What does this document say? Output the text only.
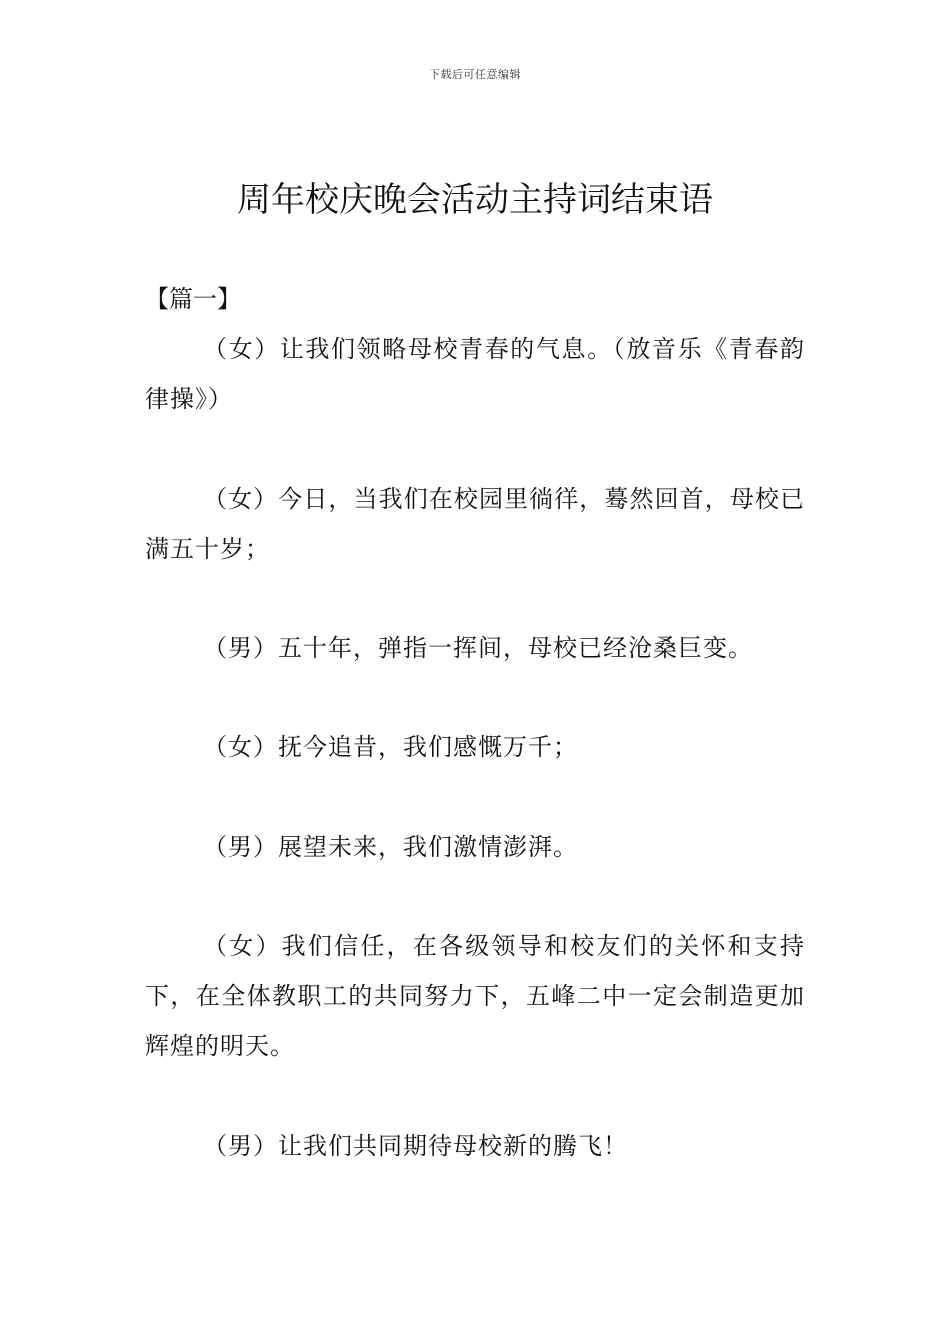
下载后可任意编辑
周年校庆晚会活动主持词结束语
【篇一】

（女）让我们领略母校青春的气息。（放音乐《青春韵律操》）

（女）今日，当我们在校园里徜徉，蓦然回首，母校已满五十岁；

（男）五十年，弹指一挥间，母校已经沧桑巨变。

（女）抚今追昔，我们感慨万千；

（男）展望未来，我们激情澎湃。

（女）我们信任，在各级领导和校友们的关怀和支持下，在全体教职工的共同努力下，五峰二中一定会制造更加辉煌的明天。

（男）让我们共同期待母校新的腾飞！
